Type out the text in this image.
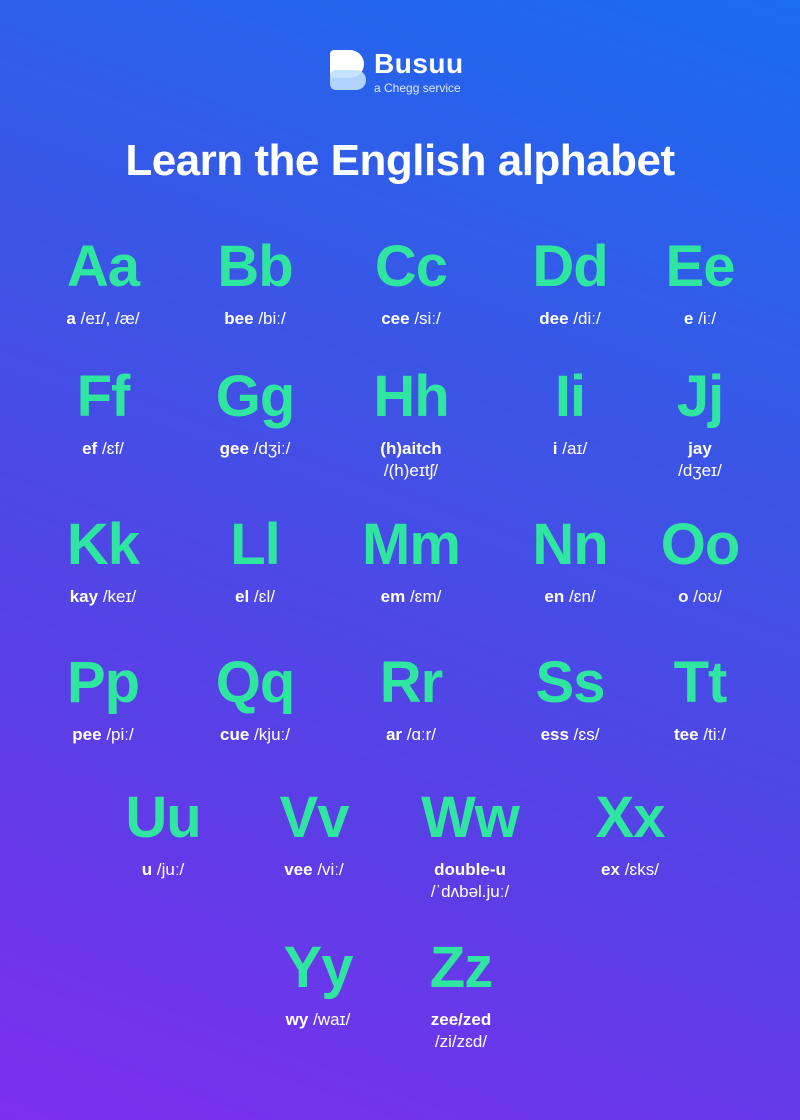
Busuu
a Chegg service
Learn the English alphabet
Aa
a /eɪ/, /æ/
Bb
bee /biː/
Cc
cee /siː/
Dd
dee /diː/
Ee
e /iː/
Ff
ef /ɛf/
Gg
gee /dʒiː/
Hh
(h)aitch
/(h)eɪtʃ/
Ii
i /aɪ/
Jj
jay
/dʒeɪ/
Kk
kay /keɪ/
Ll
el /ɛl/
Mm
em /ɛm/
Nn
en /ɛn/
Oo
o /oʊ/
Pp
pee /piː/
Qq
cue /kjuː/
Rr
ar /ɑːr/
Ss
ess /ɛs/
Tt
tee /tiː/
Uu
u /juː/
Vv
vee /viː/
Ww
double-u
/ˈdʌbəl.juː/
Xx
ex /ɛks/
Yy
wy /waɪ/
Zz
zee/zed
/zi/zɛd/
